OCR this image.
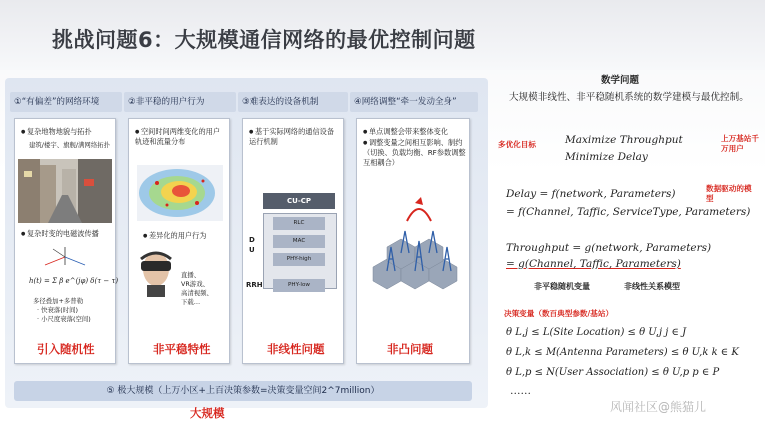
挑战问题6：大规模通信网络的最优控制问题
①“有偏差”的网络环境	②非平稳的用户行为	③难表达的设备机制	④网络调整“牵一发动全身”
● 复杂地物地貌与拓扑
建筑/楼宇、旗舰/满网络拓扑
● 复杂时变的电磁波传播
h(t) = Σ β e^(jφ) δ(τ − τ)
多径叠加+多普勒
· 快衰落(时间)
· 小尺度衰落(空间)
引入随机性
● 空间时间两维变化的用户轨迹和流量分布
● 差异化的用户行为
直播、
VR游戏、
高清视频、
下载…
非平稳特性
● 基于实际网络的通信设备运行机制
CU-CP
RLC
MAC
PHY-high
PHY-low
D U
RRH
非线性问题
● 单点调整会带来整体变化
● 调整变量之间相互影响、制约（切换、负载均衡、RF参数调整互相耦合）
非凸问题
⑤ 极大规模（上万小区+上百决策参数=决策变量空间2^7million）
大规模
数学问题
大规模非线性、非平稳随机系统的数学建模与最优控制。
多优化目标	Maximize Throughput
Minimize Delay
上万基站千万用户
Delay = f(network, Parameters)
= f(Channel, Taffic, ServiceType, Parameters)
数据驱动的模型
Throughput = g(network, Parameters)
= g(Channel, Taffic, Parameters)
非平稳随机变量	非线性关系模型
决策变量（数百典型参数/基站）
θ L,j ≤ L(Site Location) ≤ θ U,j j ∈ J
θ L,k ≤ M(Antenna Parameters) ≤ θ U,k k ∈ K
θ L,p ≤ N(User Association) ≤ θ U,p p ∈ P
……
风闻社区@熊猫儿
